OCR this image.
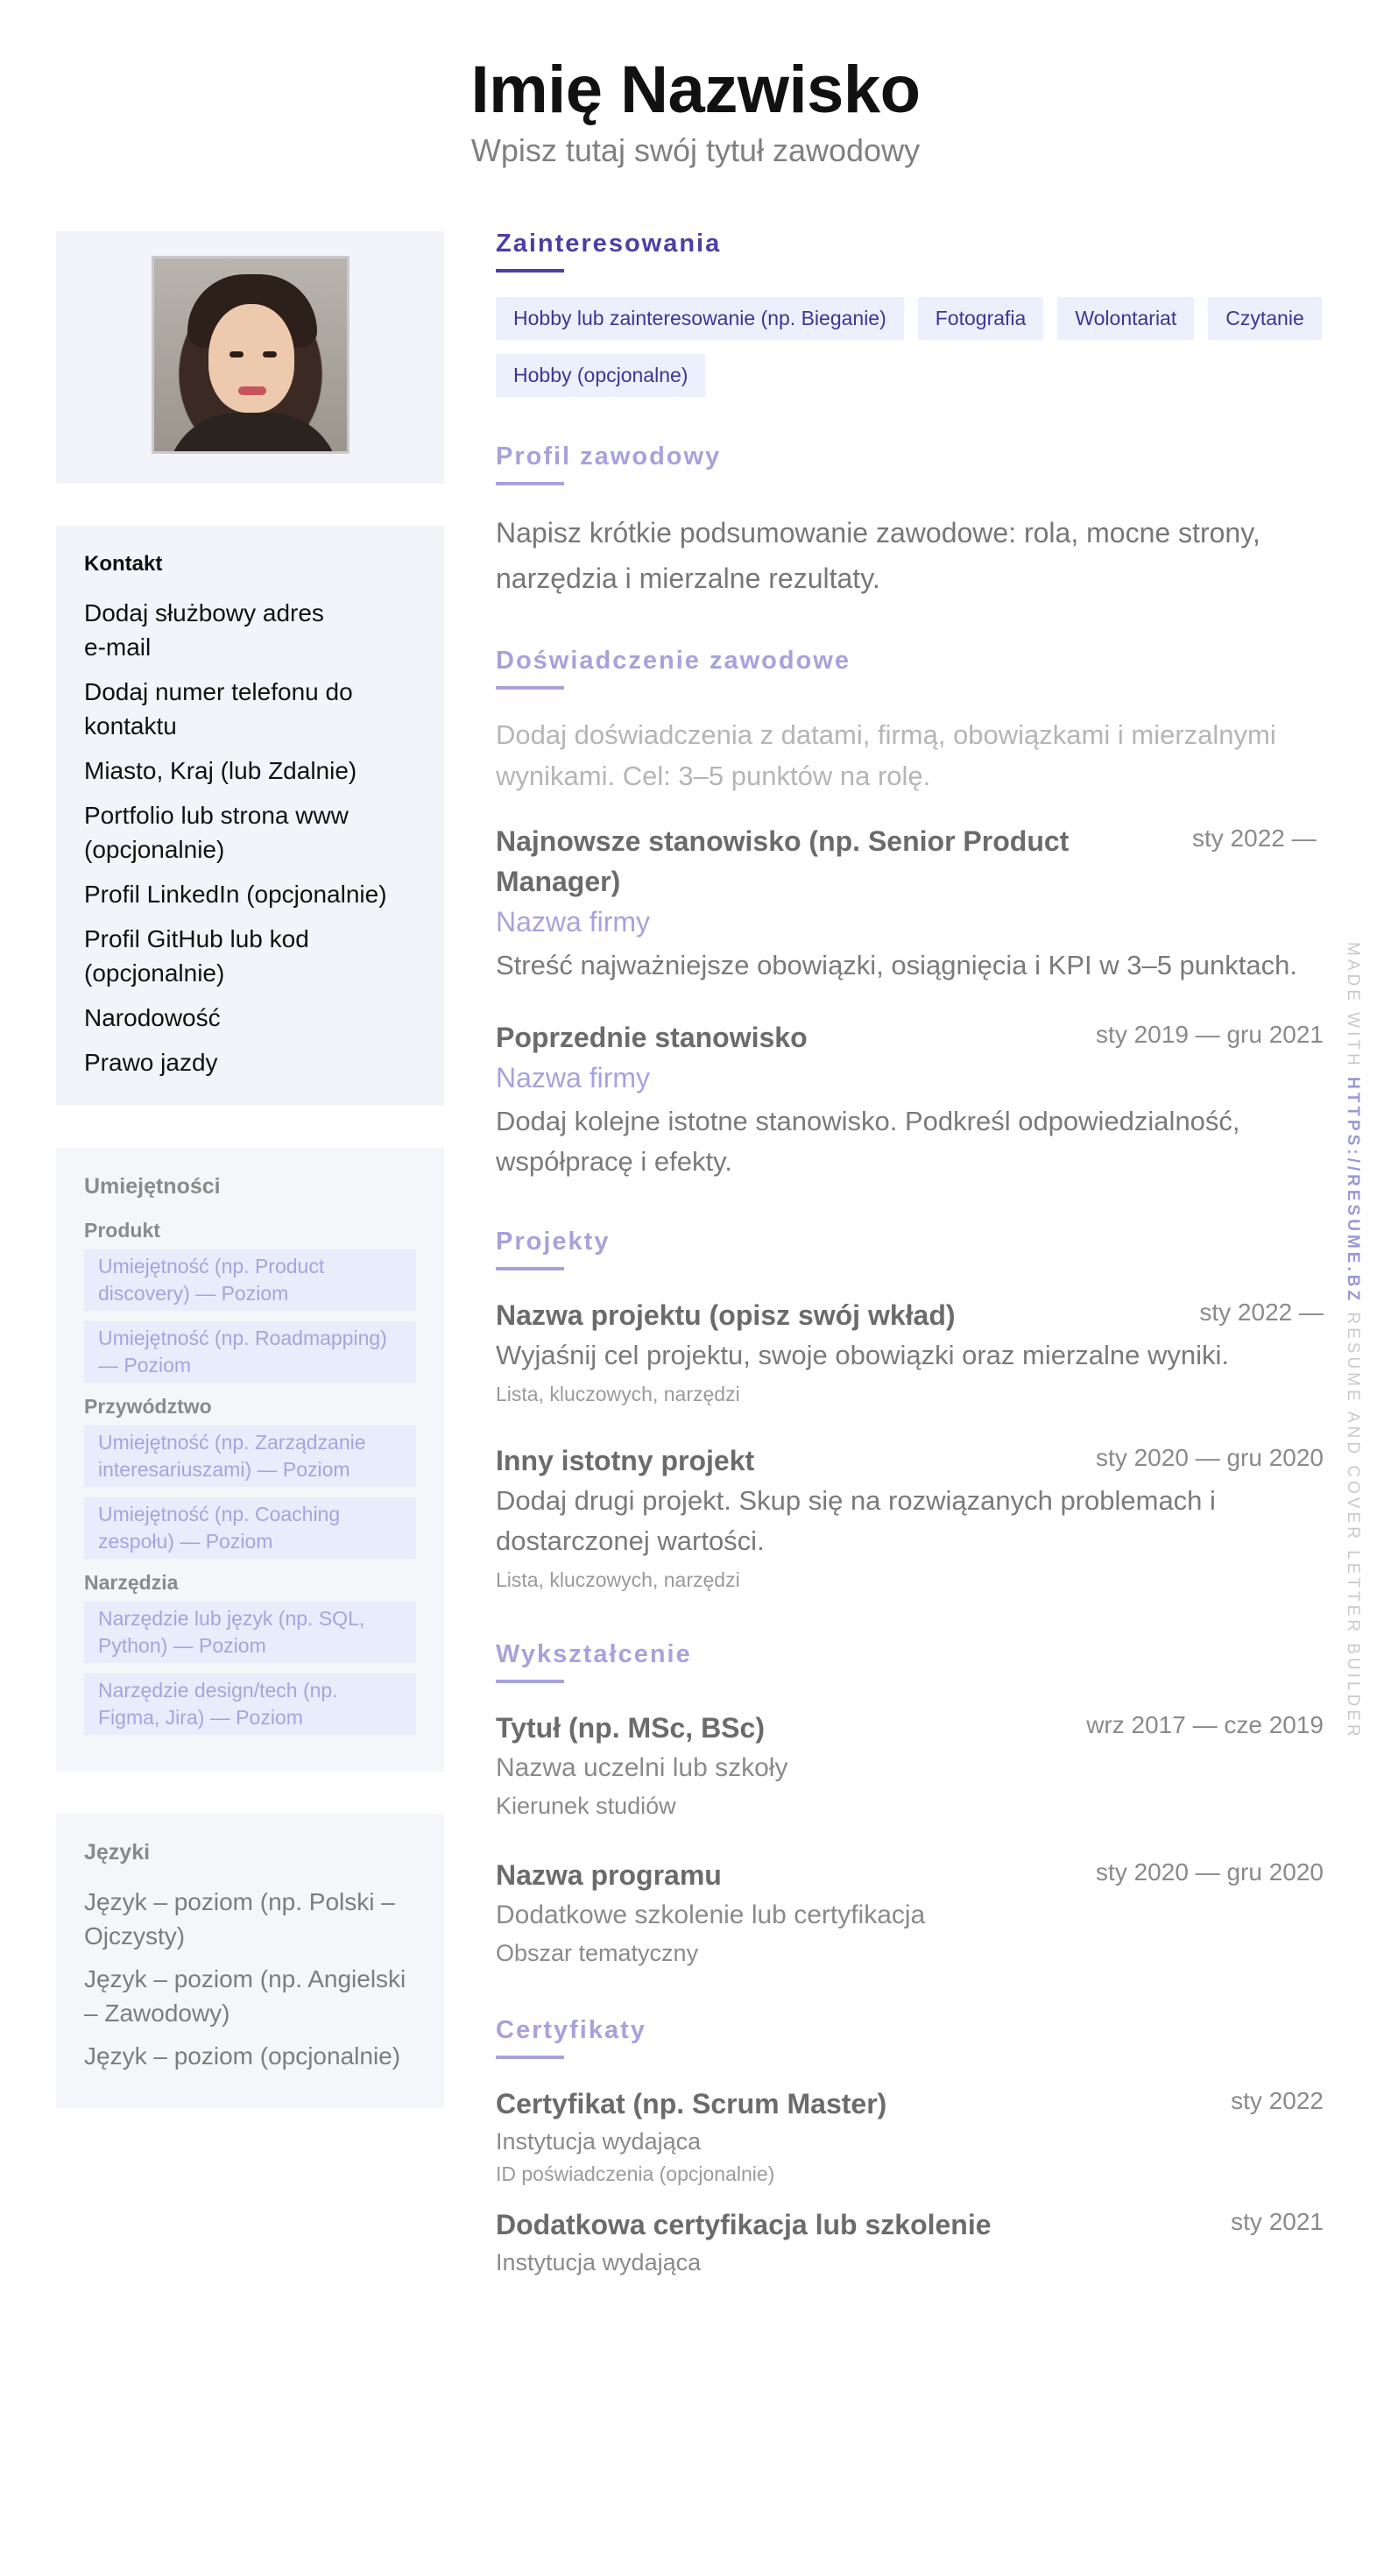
Imię Nazwisko
Wpisz tutaj swój tytuł zawodowy
Kontakt
Dodaj służbowy adres e-mail
Dodaj numer telefonu do kontaktu
Miasto, Kraj (lub Zdalnie)
Portfolio lub strona www (opcjonalnie)
Profil LinkedIn (opcjonalnie)
Profil GitHub lub kod (opcjonalnie)
Narodowość
Prawo jazdy
Umiejętności
Produkt
Umiejętność (np. Product discovery) — Poziom
Umiejętność (np. Roadmapping) — Poziom
Przywództwo
Umiejętność (np. Zarządzanie interesariuszami) — Poziom
Umiejętność (np. Coaching zespołu) — Poziom
Narzędzia
Narzędzie lub język (np. SQL, Python) — Poziom
Narzędzie design/tech (np. Figma, Jira) — Poziom
Języki
Język – poziom (np. Polski – Ojczysty)
Język – poziom (np. Angielski – Zawodowy)
Język – poziom (opcjonalnie)
Zainteresowania
Hobby lub zainteresowanie (np. Bieganie)	Fotografia	Wolontariat	Czytanie
Hobby (opcjonalne)
Profil zawodowy
Napisz krótkie podsumowanie zawodowe: rola, mocne strony, narzędzia i mierzalne rezultaty.
Doświadczenie zawodowe
Dodaj doświadczenia z datami, firmą, obowiązkami i mierzalnymi wynikami. Cel: 3–5 punktów na rolę.
Najnowsze stanowisko (np. Senior Product Manager)
sty 2022 —
Nazwa firmy
Streść najważniejsze obowiązki, osiągnięcia i KPI w 3–5 punktach.
Poprzednie stanowisko	sty 2019 — gru 2021
Nazwa firmy
Dodaj kolejne istotne stanowisko. Podkreśl odpowiedzialność, współpracę i efekty.
Projekty
Nazwa projektu (opisz swój wkład)	sty 2022 —
Wyjaśnij cel projektu, swoje obowiązki oraz mierzalne wyniki.
Lista, kluczowych, narzędzi
Inny istotny projekt	sty 2020 — gru 2020
Dodaj drugi projekt. Skup się na rozwiązanych problemach i dostarczonej wartości.
Lista, kluczowych, narzędzi
Wykształcenie
Tytuł (np. MSc, BSc)	wrz 2017 — cze 2019
Nazwa uczelni lub szkoły
Kierunek studiów
Nazwa programu	sty 2020 — gru 2020
Dodatkowe szkolenie lub certyfikacja
Obszar tematyczny
Certyfikaty
Certyfikat (np. Scrum Master)	sty 2022
Instytucja wydająca
ID poświadczenia (opcjonalnie)
Dodatkowa certyfikacja lub szkolenie	sty 2021
Instytucja wydająca
MADE WITH HTTPS://RESUME.BZ RESUME AND COVER LETTER BUILDER
